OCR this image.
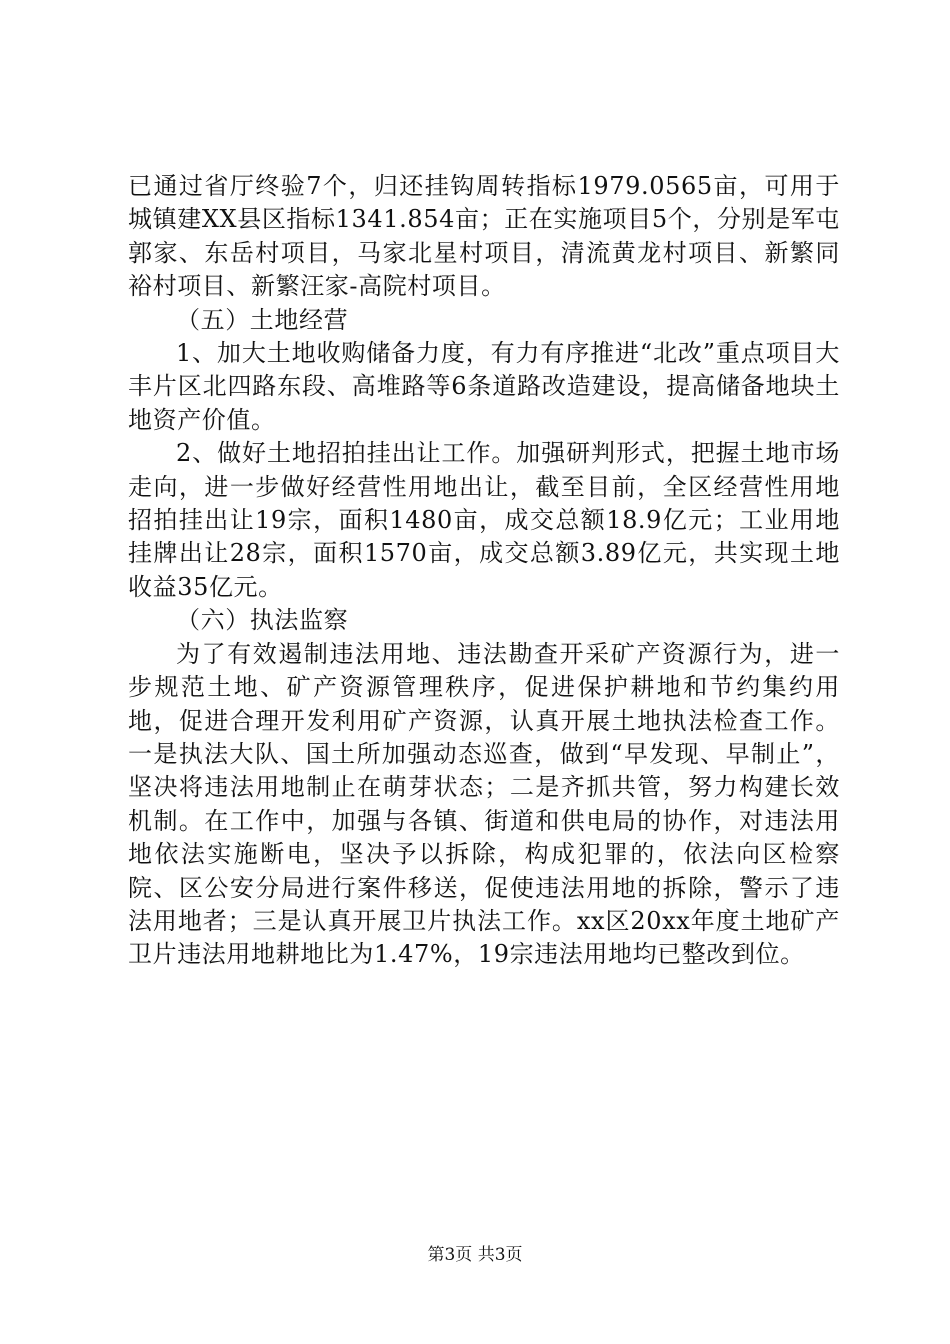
已通过省厅终验7个，归还挂钩周转指标1979.0565亩，可用于城镇建XX县区指标1341.854亩；正在实施项目5个，分别是军屯郭家、东岳村项目，马家北星村项目，清流黄龙村项目、新繁同裕村项目、新繁汪家-高院村项目。

（五）土地经营

1、加大土地收购储备力度，有力有序推进“北改”重点项目大丰片区北四路东段、高堆路等6条道路改造建设，提高储备地块土地资产价值。

2、做好土地招拍挂出让工作。加强研判形式，把握土地市场走向，进一步做好经营性用地出让，截至目前，全区经营性用地招拍挂出让19宗，面积1480亩，成交总额18.9亿元；工业用地挂牌出让28宗，面积1570亩，成交总额3.89亿元，共实现土地收益35亿元。

（六）执法监察

为了有效遏制违法用地、违法勘查开采矿产资源行为，进一步规范土地、矿产资源管理秩序，促进保护耕地和节约集约用地，促进合理开发利用矿产资源，认真开展土地执法检查工作。一是执法大队、国土所加强动态巡查，做到“早发现、早制止”，坚决将违法用地制止在萌芽状态；二是齐抓共管，努力构建长效机制。在工作中，加强与各镇、街道和供电局的协作，对违法用地依法实施断电，坚决予以拆除，构成犯罪的，依法向区检察院、区公安分局进行案件移送，促使违法用地的拆除，警示了违法用地者；三是认真开展卫片执法工作。xx区20xx年度土地矿产卫片违法用地耕地比为1.47%，19宗违法用地均已整改到位。

第3页 共3页
